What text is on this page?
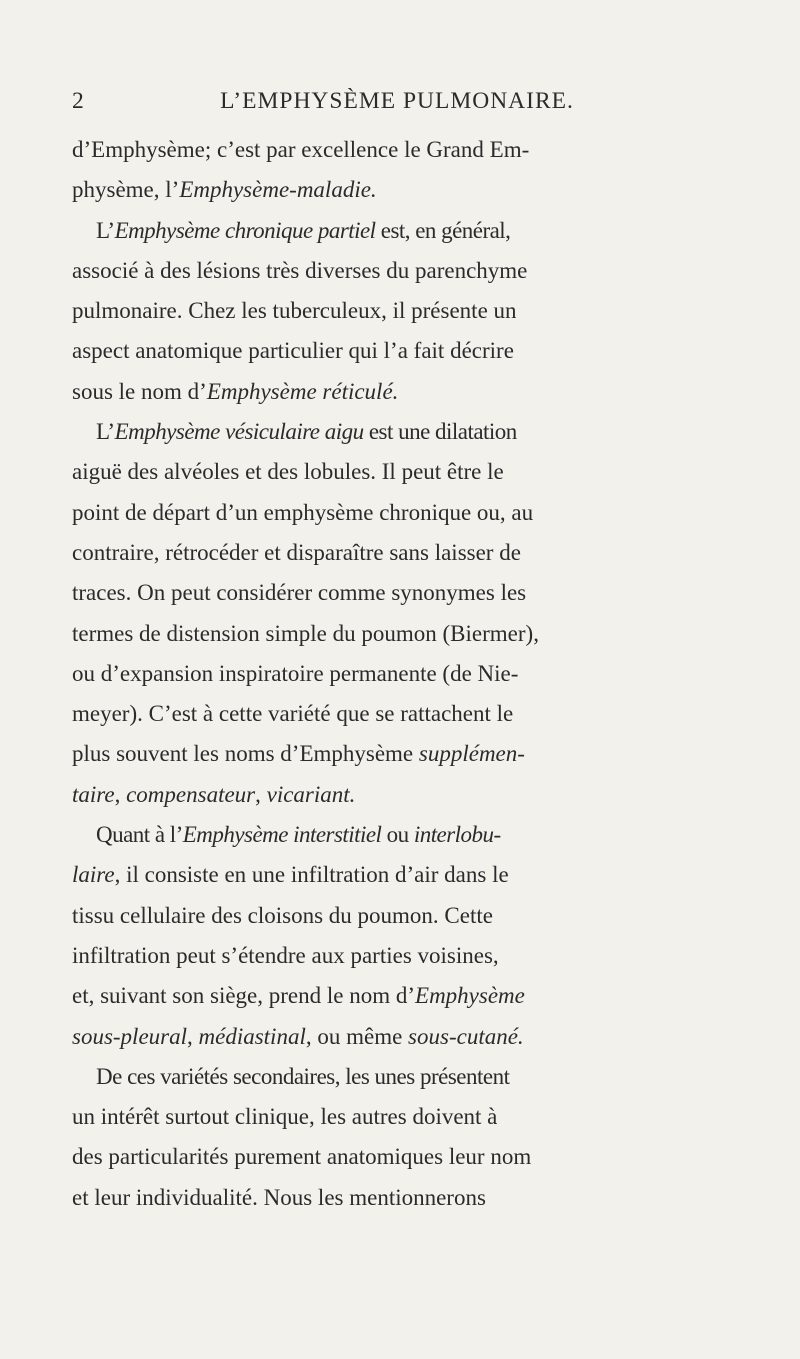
2	L’EMPHYSÈME PULMONAIRE.
d’Emphysème; c’est par excellence le Grand Em-
physème, l’Emphysème-maladie.
L’Emphysème chronique partiel est, en général,
associé à des lésions très diverses du parenchyme
pulmonaire. Chez les tuberculeux, il présente un
aspect anatomique particulier qui l’a fait décrire
sous le nom d’Emphysème réticulé.
L’Emphysème vésiculaire aigu est une dilatation
aiguë des alvéoles et des lobules. Il peut être le
point de départ d’un emphysème chronique ou, au
contraire, rétrocéder et disparaître sans laisser de
traces. On peut considérer comme synonymes les
termes de distension simple du poumon (Biermer),
ou d’expansion inspiratoire permanente (de Nie-
meyer). C’est à cette variété que se rattachent le
plus souvent les noms d’Emphysème supplémen-
taire, compensateur, vicariant.
Quant à l’Emphysème interstitiel ou interlobu-
laire, il consiste en une infiltration d’air dans le
tissu cellulaire des cloisons du poumon. Cette
infiltration peut s’étendre aux parties voisines,
et, suivant son siège, prend le nom d’Emphysème
sous-pleural, médiastinal, ou même sous-cutané.
De ces variétés secondaires, les unes présentent
un intérêt surtout clinique, les autres doivent à
des particularités purement anatomiques leur nom
et leur individualité. Nous les mentionnerons
